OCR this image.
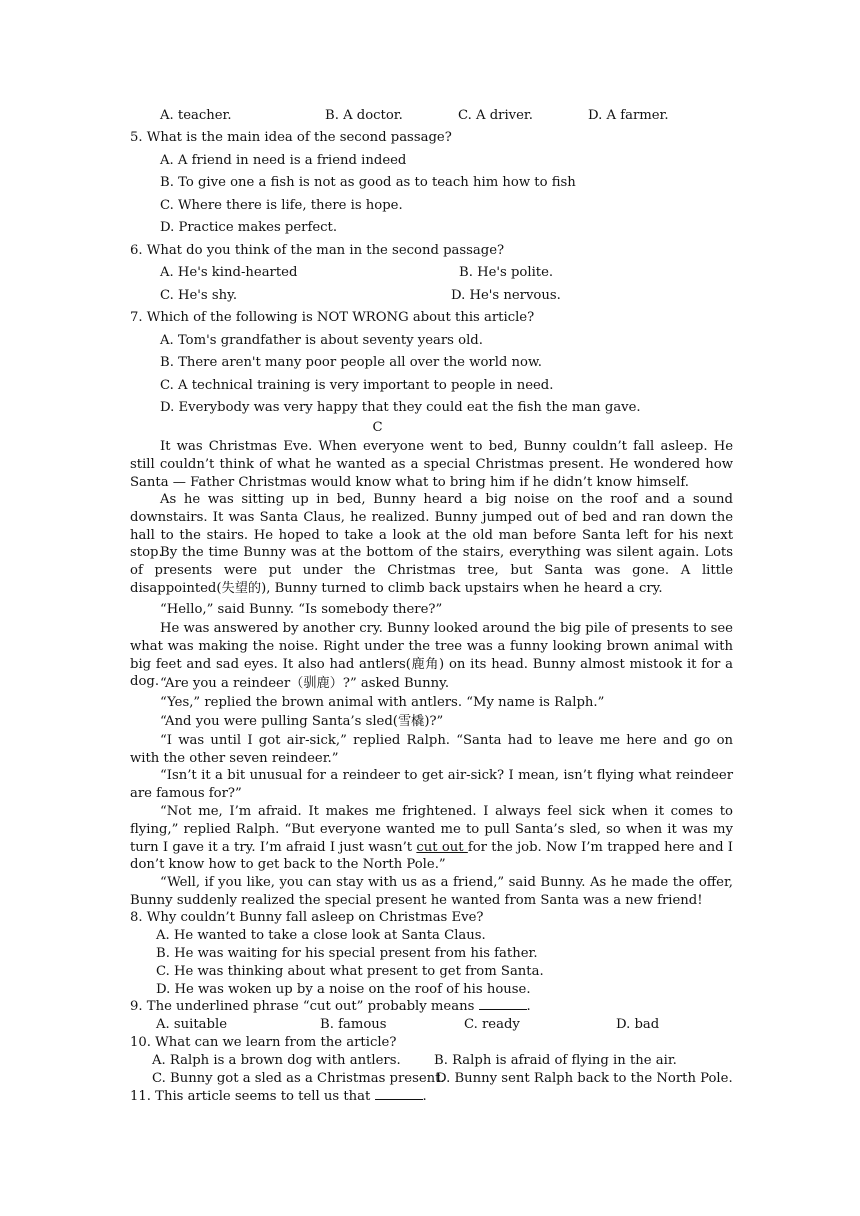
A. teacher.	B. A doctor.	C. A driver.	D. A farmer.
5. What is the main idea of the second passage?
A. A friend in need is a friend indeed
B. To give one a fish is not as good as to teach him how to fish
C. Where there is life, there is hope.
D. Practice makes perfect.
6. What do you think of the man in the second passage?
A. He's kind-hearted	B. He's polite.
C. He's shy.	D. He's nervous.
7. Which of the following is NOT WRONG about this article?
A. Tom's grandfather is about seventy years old.
B. There aren't many poor people all over the world now.
C. A technical training is very important to people in need.
D. Everybody was very happy that they could eat the fish the man gave.
C

It was Christmas Eve. When everyone went to bed, Bunny couldn’t fall asleep. He still couldn’t think of what he wanted as a special Christmas present. He wondered how Santa — Father Christmas would know what to bring him if he didn’t know himself.

As he was sitting up in bed, Bunny heard a big noise on the roof and a sound downstairs. It was Santa Claus, he realized. Bunny jumped out of bed and ran down the hall to the stairs. He hoped to take a look at the old man before Santa left for his next stop.

By the time Bunny was at the bottom of the stairs, everything was silent again. Lots of presents were put under the Christmas tree, but Santa was gone. A little disappointed(失望的), Bunny turned to climb back upstairs when he heard a cry.

“Hello,” said Bunny. “Is somebody there?”

He was answered by another cry. Bunny looked around the big pile of presents to see what was making the noise. Right under the tree was a funny looking brown animal with big feet and sad eyes. It also had antlers(鹿角) on its head. Bunny almost mistook it for a dog. “Are you a reindeer（驯鹿）?” asked Bunny.
“Yes,” replied the brown animal with antlers. “My name is Ralph.”
“And you were pulling Santa’s sled(雪橇)?”

“I was until I got air-sick,” replied Ralph. “Santa had to leave me here and go on with the other seven reindeer.”

“Isn’t it a bit unusual for a reindeer to get air-sick? I mean, isn’t flying what reindeer are famous for?”

“Not me, I’m afraid. It makes me frightened. I always feel sick when it comes to flying,” replied Ralph. “But everyone wanted me to pull Santa’s sled, so when it was my turn I gave it a try. I’m afraid I just wasn’t cut out for the job. Now I’m trapped here and I don’t know how to get back to the North Pole.”

“Well, if you like, you can stay with us as a friend,” said Bunny. As he made the offer, Bunny suddenly realized the special present he wanted from Santa was a new friend!

8. Why couldn’t Bunny fall asleep on Christmas Eve?
A. He wanted to take a close look at Santa Claus.
B. He was waiting for his special present from his father.
C. He was thinking about what present to get from Santa.
D. He was woken up by a noise on the roof of his house.
9. The underlined phrase “cut out” probably means	.
A. suitable	B. famous	C. ready	D. bad
10. What can we learn from the article?
A. Ralph is a brown dog with antlers.	B. Ralph is afraid of flying in the air.
C. Bunny got a sled as a Christmas present.
D. Bunny sent Ralph back to the North Pole.
11. This article seems to tell us that	.
